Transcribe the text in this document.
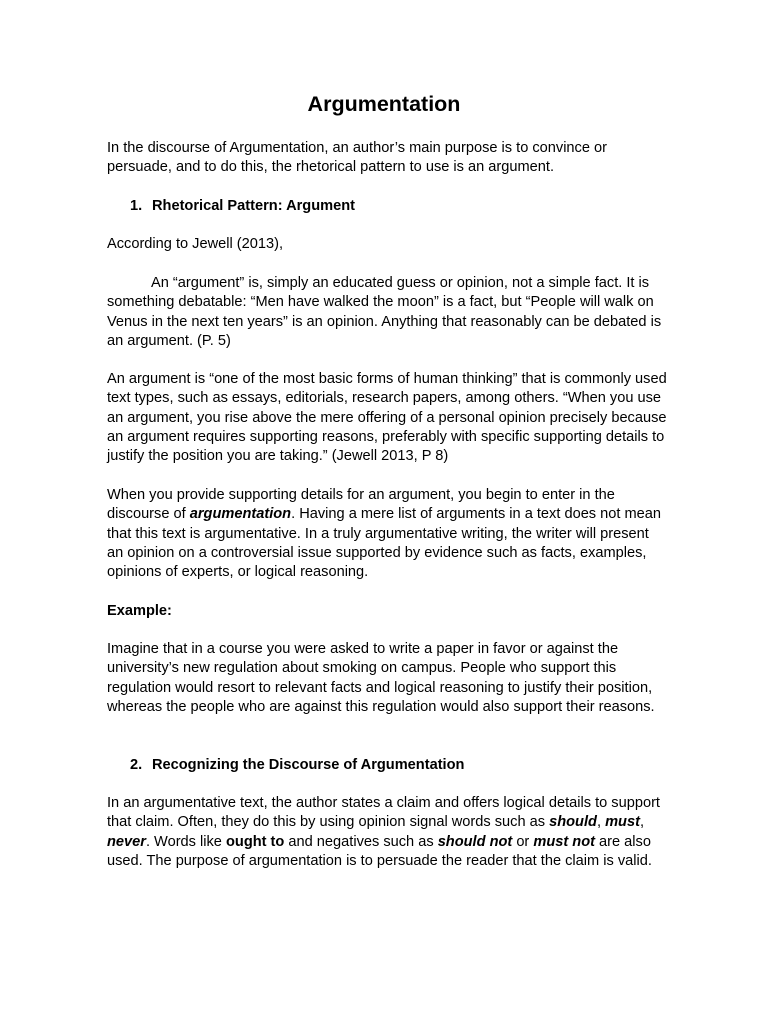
Argumentation

In the discourse of Argumentation, an author’s main purpose is to convince or persuade, and to do this, the rhetorical pattern to use is an argument.

1. Rhetorical Pattern: Argument

According to Jewell (2013),

An “argument” is, simply an educated guess or opinion, not a simple fact. It is something debatable: “Men have walked the moon” is a fact, but “People will walk on Venus in the next ten years” is an opinion. Anything that reasonably can be debated is an argument. (P. 5)

An argument is “one of the most basic forms of human thinking” that is commonly used text types, such as essays, editorials, research papers, among others. “When you use an argument, you rise above the mere offering of a personal opinion precisely because an argument requires supporting reasons, preferably with specific supporting details to justify the position you are taking.” (Jewell 2013, P 8)

When you provide supporting details for an argument, you begin to enter in the discourse of argumentation. Having a mere list of arguments in a text does not mean that this text is argumentative. In a truly argumentative writing, the writer will present an opinion on a controversial issue supported by evidence such as facts, examples, opinions of experts, or logical reasoning.

Example:

Imagine that in a course you were asked to write a paper in favor or against the university’s new regulation about smoking on campus. People who support this regulation would resort to relevant facts and logical reasoning to justify their position, whereas the people who are against this regulation would also support their reasons.

2. Recognizing the Discourse of Argumentation

In an argumentative text, the author states a claim and offers logical details to support that claim. Often, they do this by using opinion signal words such as should, must, never. Words like ought to and negatives such as should not or must not are also used. The purpose of argumentation is to persuade the reader that the claim is valid.
